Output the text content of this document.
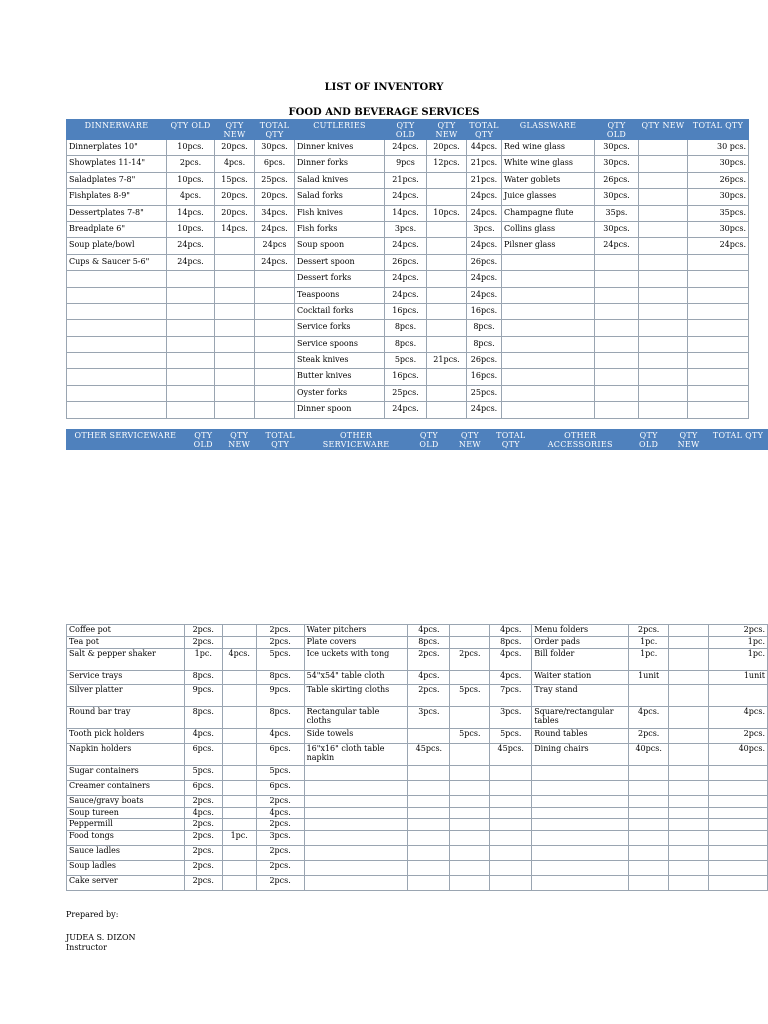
LIST OF INVENTORY
FOOD AND BEVERAGE SERVICES
DINNERWARE	QTY OLD	QTY NEW	TOTAL QTY	CUTLERIES	QTY OLD	QTY NEW	TOTAL QTY	GLASSWARE	QTY OLD	QTY NEW	TOTAL QTY
Dinnerplates 10"	10pcs.	20pcs.	30pcs.	Dinner knives	24pcs.	20pcs.	44pcs.	Red wine glass	30pcs.		30 pcs.
Showplates 11-14"	2pcs.	4pcs.	6pcs.	Dinner forks	9pcs	12pcs.	21pcs.	White wine glass	30pcs.		30pcs.
Saladplates 7-8"	10pcs.	15pcs.	25pcs.	Salad knives	21pcs.		21pcs.	Water goblets	26pcs.		26pcs.
Fishplates 8-9"	4pcs.	20pcs.	20pcs.	Salad forks	24pcs.		24pcs.	Juice glasses	30pcs.		30pcs.
Dessertplates 7-8"	14pcs.	20pcs.	34pcs.	Fish knives	14pcs.	10pcs.	24pcs.	Champagne flute	35ps.		35pcs.
Breadplate 6"	10pcs.	14pcs.	24pcs.	Fish forks	3pcs.		3pcs.	Collins glass	30pcs.		30pcs.
Soup plate/bowl	24pcs.		24pcs	Soup spoon	24pcs.		24pcs.	Pilsner glass	24pcs.		24pcs.
Cups & Saucer 5-6"	24pcs.		24pcs.	Dessert spoon	26pcs.		26pcs.				
				Dessert forks	24pcs.		24pcs.				
				Teaspoons	24pcs.		24pcs.				
				Cocktail forks	16pcs.		16pcs.				
				Service forks	8pcs.		8pcs.				
				Service spoons	8pcs.		8pcs.				
				Steak knives	5pcs.	21pcs.	26pcs.				
				Butter knives	16pcs.		16pcs.				
				Oyster forks	25pcs.		25pcs.				
				Dinner spoon	24pcs.		24pcs.				
OTHER SERVICEWARE	QTY OLD	QTY NEW	TOTAL QTY	OTHER SERVICEWARE	QTY OLD	QTY NEW	TOTAL QTY	OTHER ACCESSORIES	QTY OLD	QTY NEW	TOTAL QTY
Coffee pot	2pcs.		2pcs.	Water pitchers	4pcs.		4pcs.	Menu folders	2pcs.		2pcs.
Tea pot	2pcs.		2pcs.	Plate covers	8pcs.		8pcs.	Order pads	1pc.		1pc.
Salt & pepper shaker	1pc.	4pcs.	5pcs.	Ice uckets with tong	2pcs.	2pcs.	4pcs.	Bill folder	1pc.		1pc.
Service trays	8pcs.		8pcs.	54"x54" table cloth	4pcs.		4pcs.	Waiter station	1unit		1unit
Silver platter	9pcs.		9pcs.	Table skirting cloths	2pcs.	5pcs.	7pcs.	Tray stand			
Round bar tray	8pcs.		8pcs.	Rectangular table cloths	3pcs.		3pcs.	Square/rectangular tables	4pcs.		4pcs.
Tooth pick holders	4pcs.		4pcs.	Side towels		5pcs.	5pcs.	Round tables	2pcs.		2pcs.
Napkin holders	6pcs.		6pcs.	16"x16" cloth table napkin	45pcs.		45pcs.	Dining chairs	40pcs.		40pcs.
Sugar containers	5pcs.		5pcs.								
Creamer containers	6pcs.		6pcs.								
Sauce/gravy boats	2pcs.		2pcs.								
Soup tureen	4pcs.		4pcs.								
Peppermill	2pcs.		2pcs.								
Food tongs	2pcs.	1pc.	3pcs.								
Sauce ladles	2pcs.		2pcs.								
Soup ladles	2pcs.		2pcs.								
Cake server	2pcs.		2pcs.								
Prepared by:
JUDEA S. DIZON
Instructor
